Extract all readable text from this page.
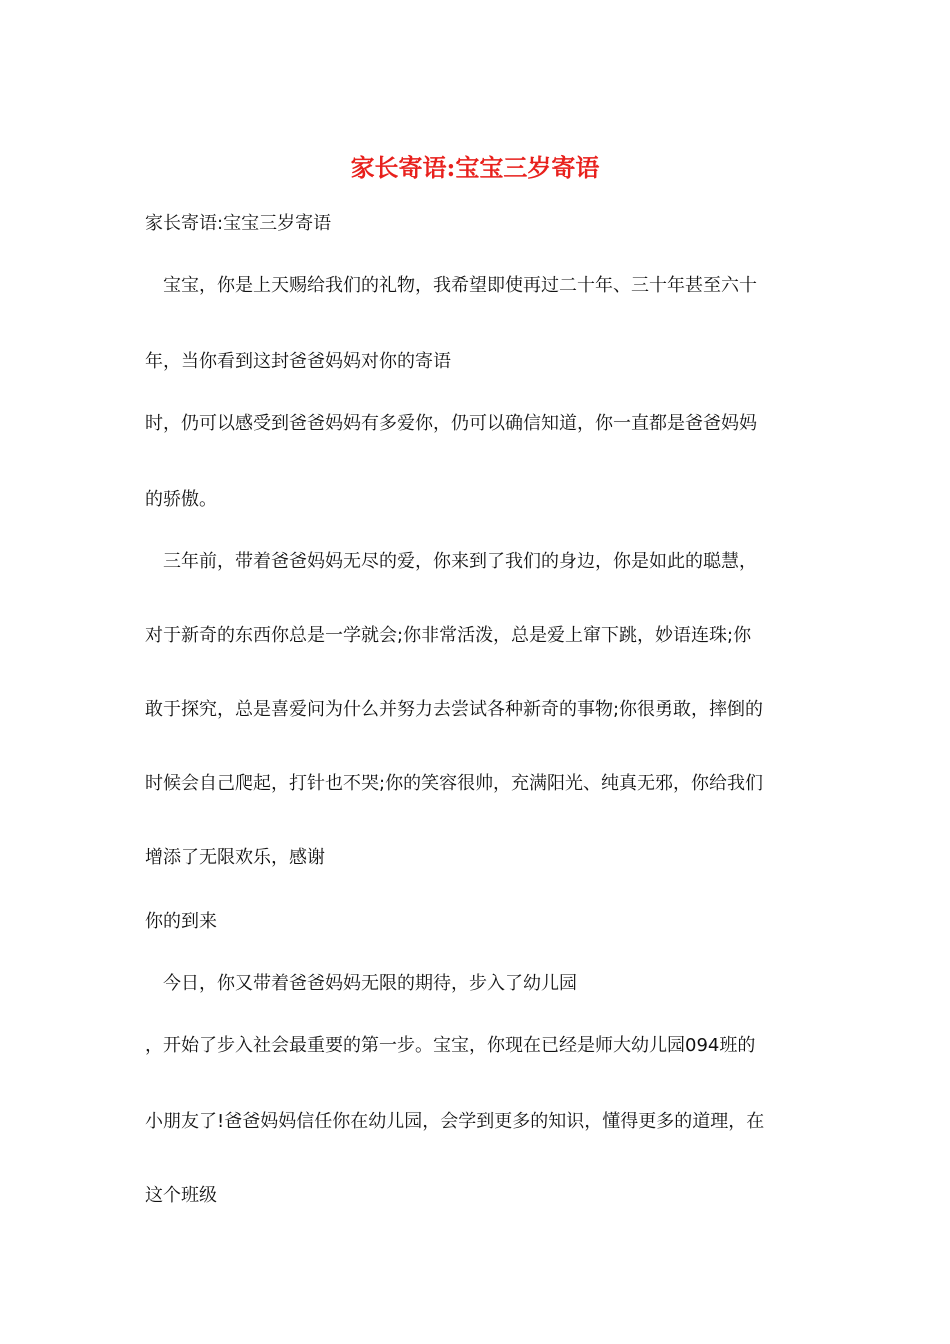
家长寄语:宝宝三岁寄语
家长寄语:宝宝三岁寄语
　宝宝，你是上天赐给我们的礼物，我希望即使再过二十年、三十年甚至六十
年，当你看到这封爸爸妈妈对你的寄语
时，仍可以感受到爸爸妈妈有多爱你，仍可以确信知道，你一直都是爸爸妈妈
的骄傲。
　三年前，带着爸爸妈妈无尽的爱，你来到了我们的身边，你是如此的聪慧，
对于新奇的东西你总是一学就会;你非常活泼，总是爱上窜下跳，妙语连珠;你
敢于探究，总是喜爱问为什么并努力去尝试各种新奇的事物;你很勇敢，摔倒的
时候会自己爬起，打针也不哭;你的笑容很帅，充满阳光、纯真无邪，你给我们
增添了无限欢乐，感谢
你的到来
　今日，你又带着爸爸妈妈无限的期待，步入了幼儿园
，开始了步入社会最重要的第一步。宝宝，你现在已经是师大幼儿园094班的
小朋友了!爸爸妈妈信任你在幼儿园，会学到更多的知识，懂得更多的道理，在
这个班级
